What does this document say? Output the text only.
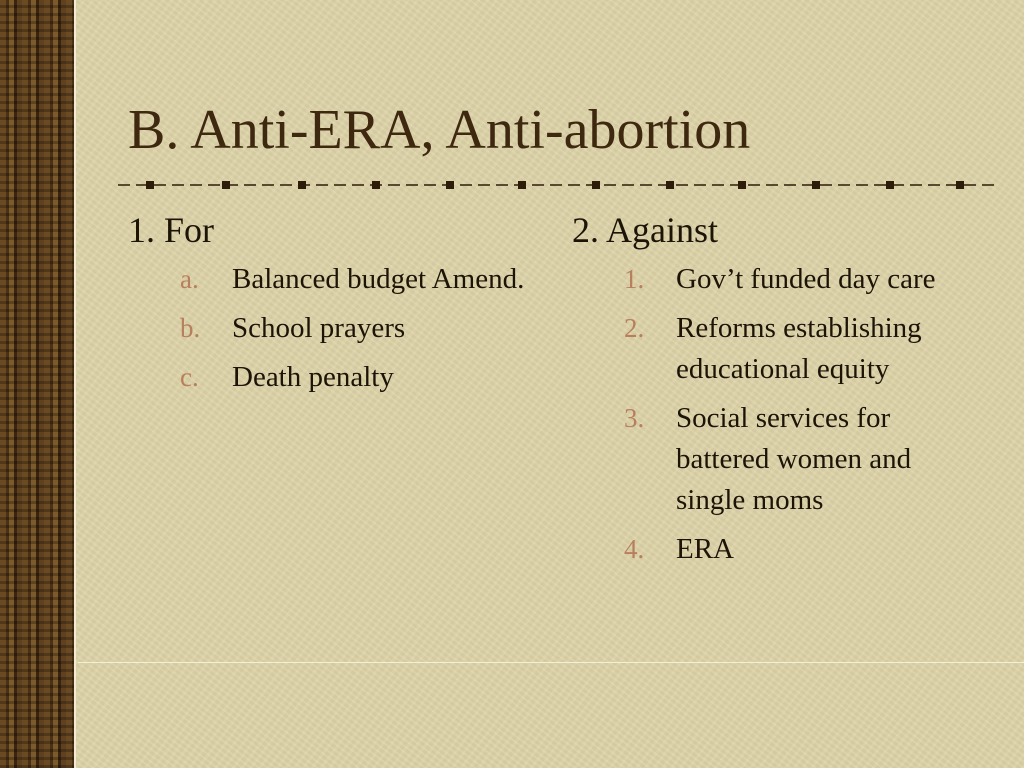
B. Anti-ERA, Anti-abortion
1. For
a. Balanced budget Amend.
b. School prayers
c. Death penalty
2. Against
1. Gov’t funded day care
2. Reforms establishing educational equity
3. Social services for battered women and single moms
4. ERA
